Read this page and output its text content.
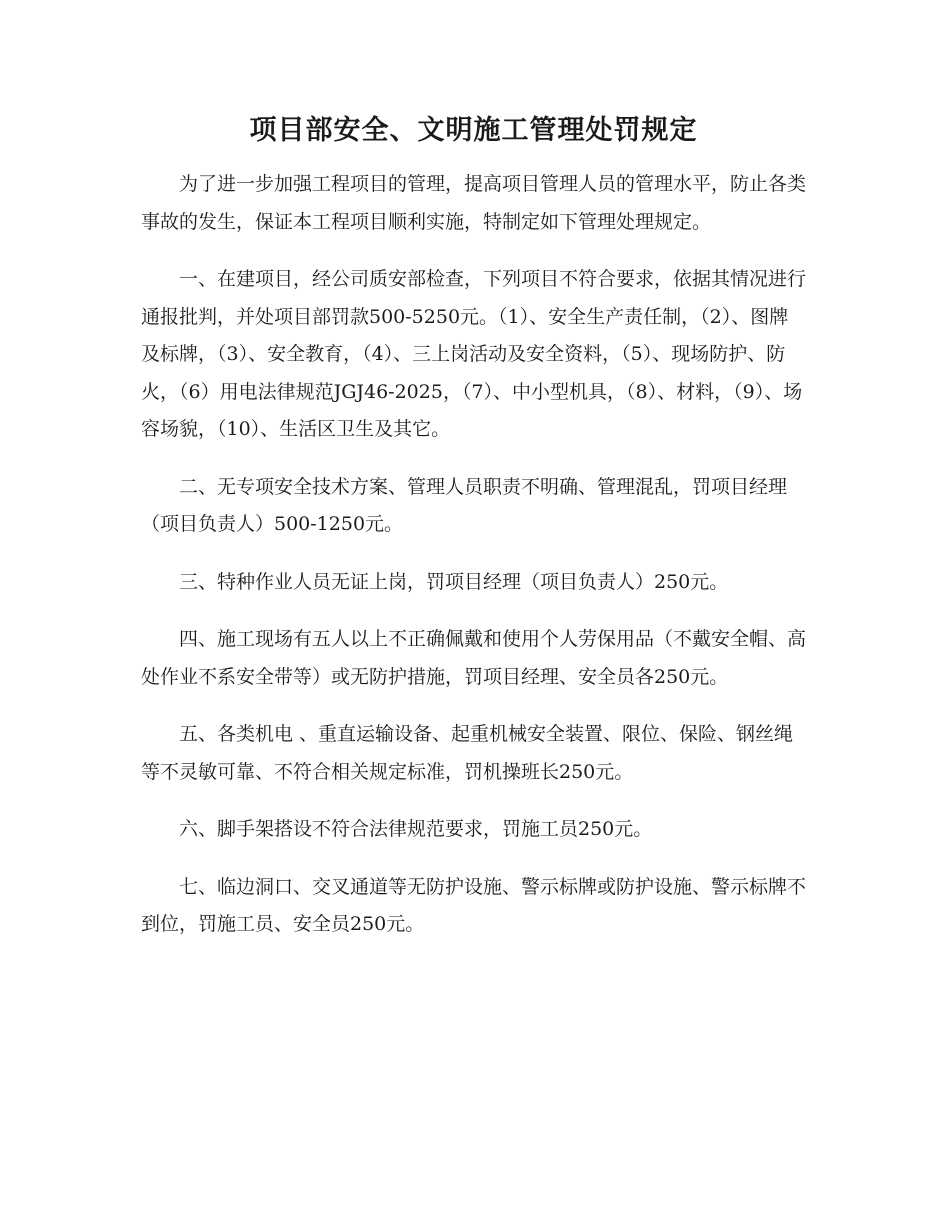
项目部安全、文明施工管理处罚规定

为了进一步加强工程项目的管理，提高项目管理人员的管理水平，防止各类事故的发生，保证本工程项目顺利实施，特制定如下管理处理规定。

一、在建项目，经公司质安部检查，下列项目不符合要求，依据其情况进行通报批判，并处项目部罚款500-5250元。（1）、安全生产责任制，（2）、图牌及标牌，（3）、安全教育，（4）、三上岗活动及安全资料，（5）、现场防护、防火，（6）用电法律规范JGJ46-2025，（7）、中小型机具，（8）、材料，（9）、场容场貌，（10）、生活区卫生及其它。

二、无专项安全技术方案、管理人员职责不明确、管理混乱，罚项目经理（项目负责人）500-1250元。

三、特种作业人员无证上岗，罚项目经理（项目负责人）250元。

四、施工现场有五人以上不正确佩戴和使用个人劳保用品（不戴安全帽、高处作业不系安全带等）或无防护措施，罚项目经理、安全员各250元。

五、各类机电 、重直运输设备、起重机械安全装置、限位、保险、钢丝绳等不灵敏可靠、不符合相关规定标准，罚机操班长250元。

六、脚手架搭设不符合法律规范要求，罚施工员250元。

七、临边洞口、交叉通道等无防护设施、警示标牌或防护设施、警示标牌不到位，罚施工员、安全员250元。
